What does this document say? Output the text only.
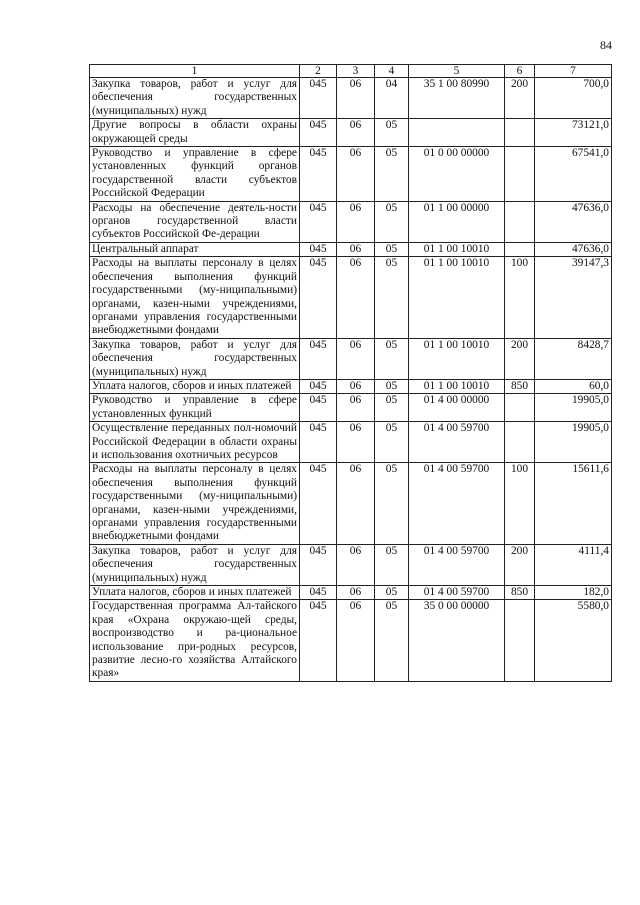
84
1	2	3	4	5	6	7
Закупка товаров, работ и услуг для обеспечения государственных (муниципальных) нужд	045	06	04	35 1 00 80990	200	700,0
Другие вопросы в области охраны окружающей среды	045	06	05			73121,0
Руководство и управление в сфере установленных функций органов государственной власти субъектов Российской Федерации	045	06	05	01 0 00 00000		67541,0
Расходы на обеспечение деятель-ности органов государственной власти субъектов Российской Фе-дерации	045	06	05	01 1 00 00000		47636,0
Центральный аппарат	045	06	05	01 1 00 10010		47636,0
Расходы на выплаты персоналу в целях обеспечения выполнения функций государственными (му-ниципальными) органами, казен-ными учреждениями, органами управления государственными внебюджетными фондами	045	06	05	01 1 00 10010	100	39147,3
Закупка товаров, работ и услуг для обеспечения государственных (муниципальных) нужд	045	06	05	01 1 00 10010	200	8428,7
Уплата налогов, сборов и иных платежей	045	06	05	01 1 00 10010	850	60,0
Руководство и управление в сфере установленных функций	045	06	05	01 4 00 00000		19905,0
Осуществление переданных пол-номочий Российской Федерации в области охраны и использования охотничьих ресурсов	045	06	05	01 4 00 59700		19905,0
Расходы на выплаты персоналу в целях обеспечения выполнения функций государственными (му-ниципальными) органами, казен-ными учреждениями, органами управления государственными внебюджетными фондами	045	06	05	01 4 00 59700	100	15611,6
Закупка товаров, работ и услуг для обеспечения государственных (муниципальных) нужд	045	06	05	01 4 00 59700	200	4111,4
Уплата налогов, сборов и иных платежей	045	06	05	01 4 00 59700	850	182,0
Государственная программа Ал-тайского края «Охрана окружаю-щей среды, воспроизводство и ра-циональное использование при-родных ресурсов, развитие лесно-го хозяйства Алтайского края»	045	06	05	35 0 00 00000		5580,0
